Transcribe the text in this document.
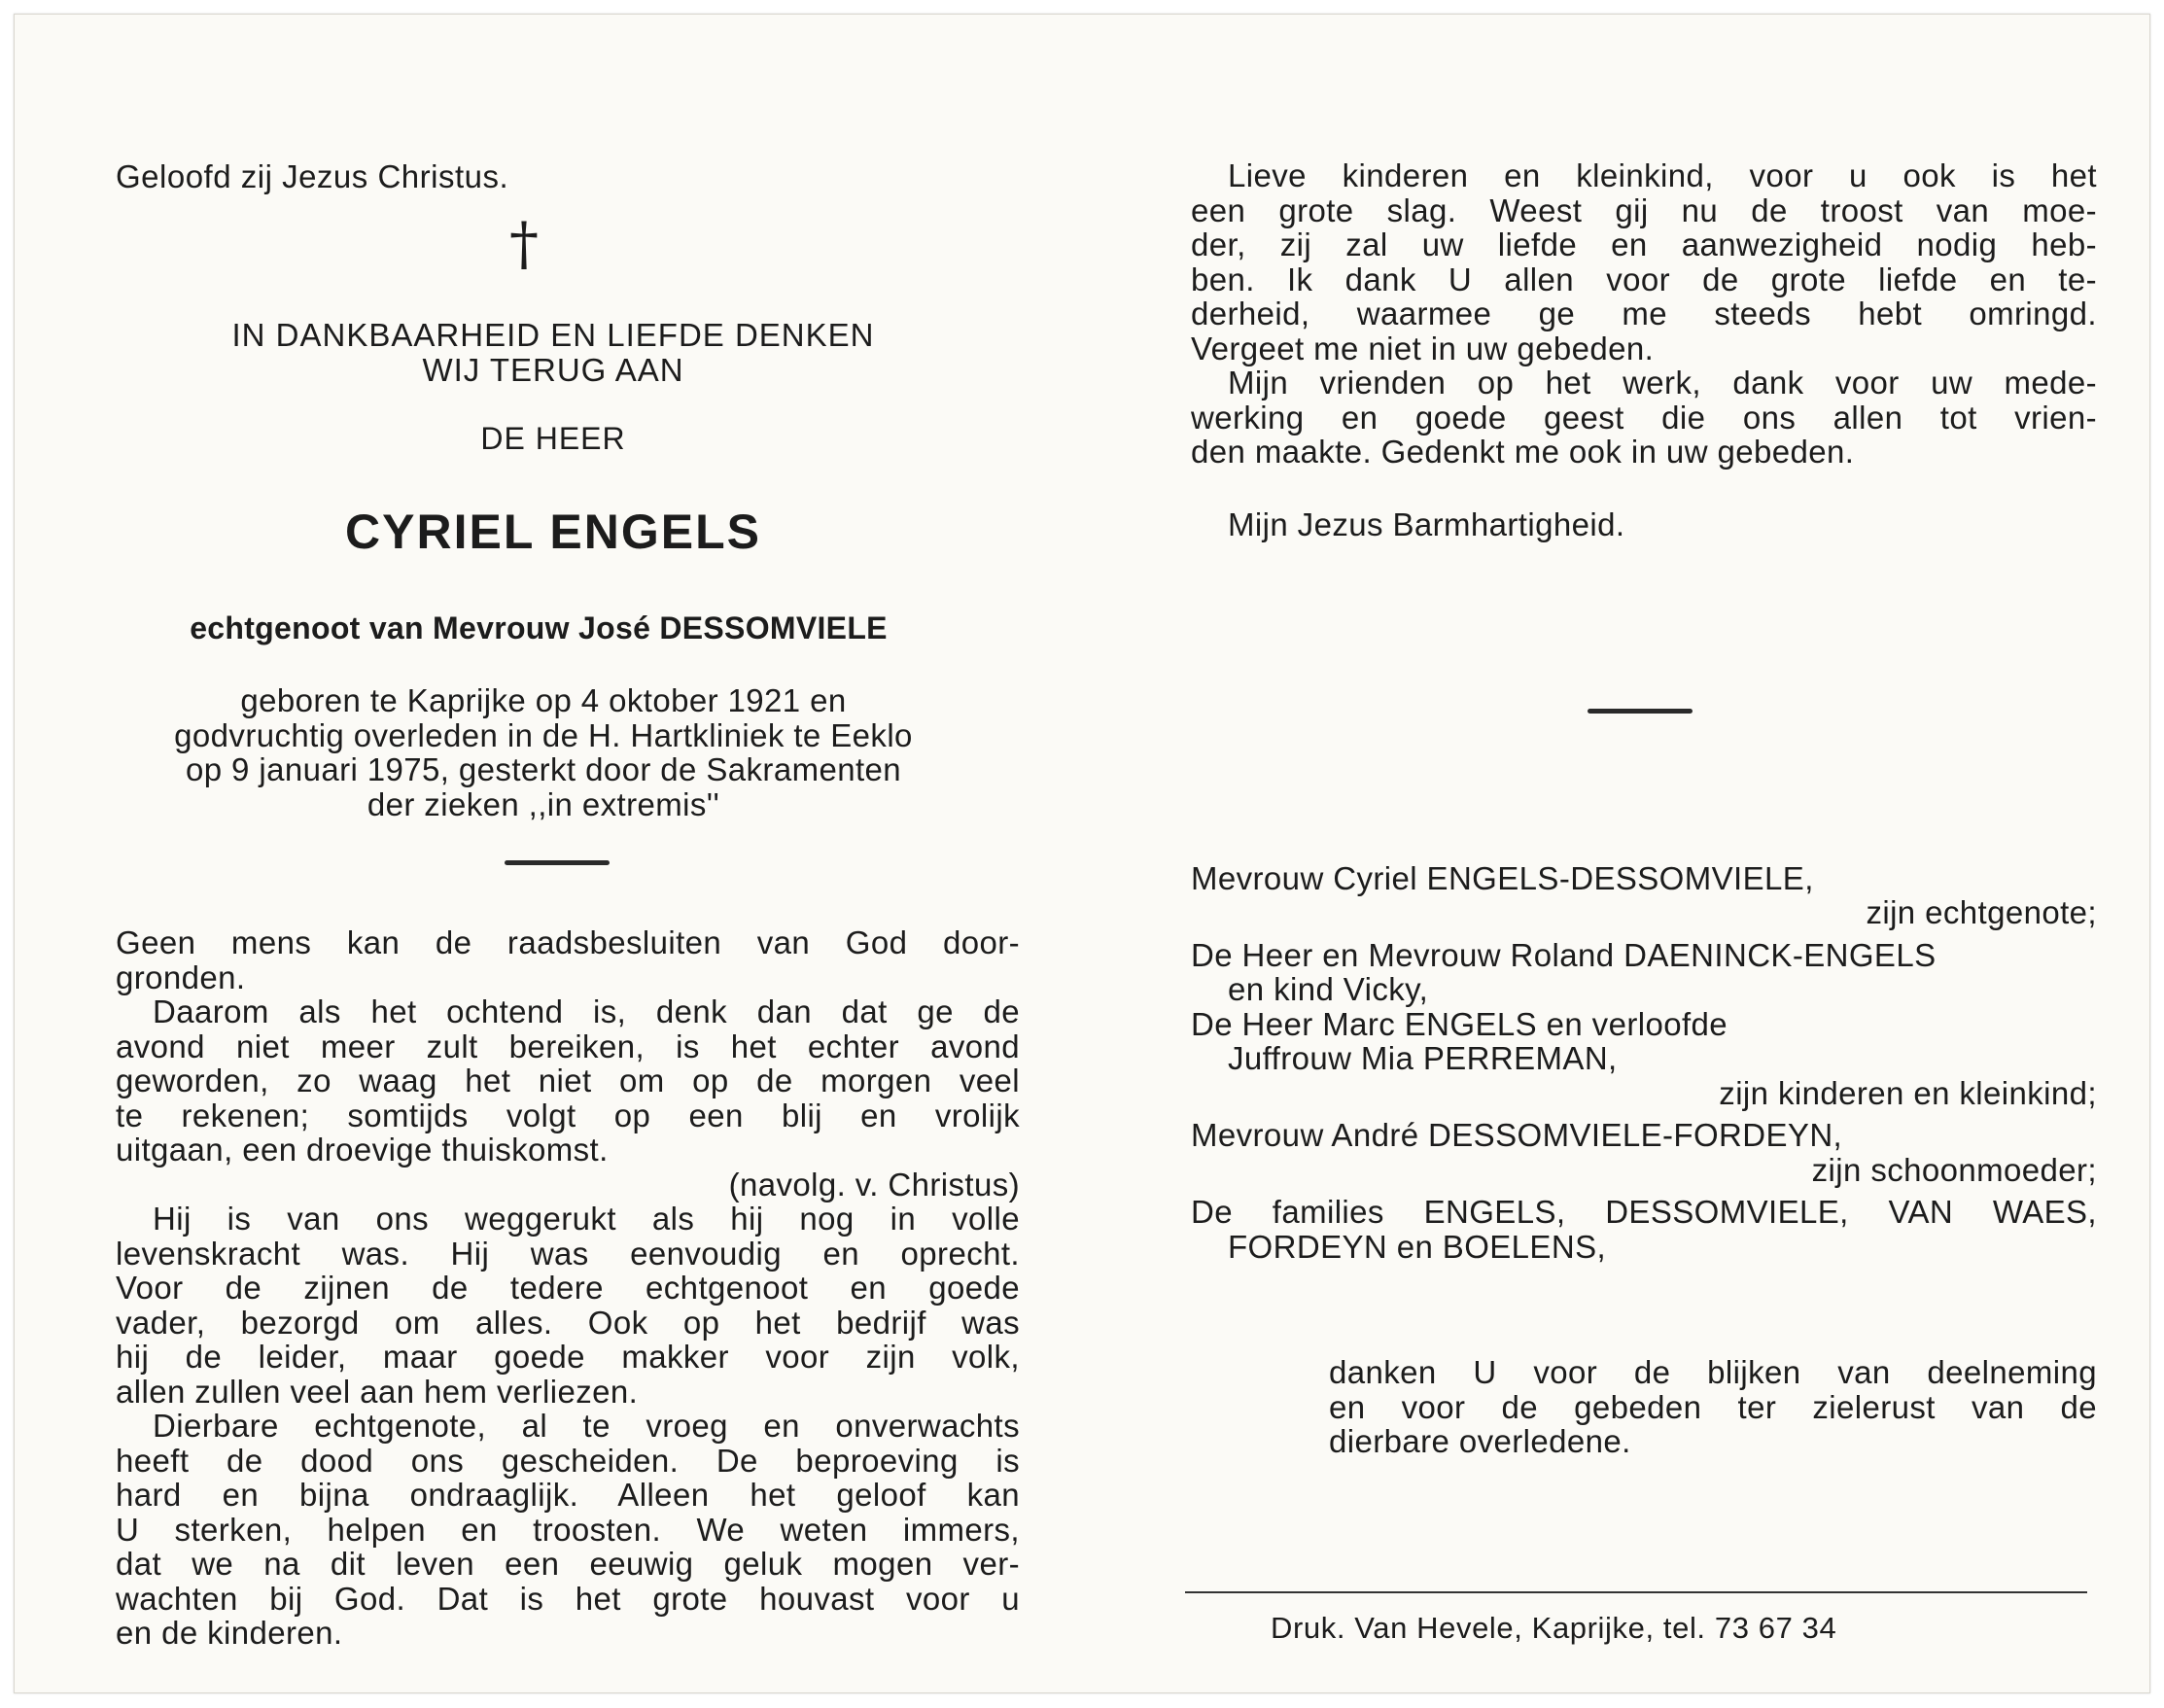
Geloofd zij Jezus Christus.
†
IN DANKBAARHEID EN LIEFDE DENKEN
WIJ TERUG AAN
DE HEER
CYRIEL ENGELS
echtgenoot van Mevrouw José DESSOMVIELE
geboren te Kaprijke op 4 oktober 1921 en
godvruchtig overleden in de H. Hartkliniek te Eeklo
op 9 januari 1975, gesterkt door de Sakramenten
der zieken ,,in extremis''
Geen mens kan de raadsbesluiten van God door-
gronden.
Daarom als het ochtend is, denk dan dat ge de
avond niet meer zult bereiken, is het echter avond
geworden, zo waag het niet om op de morgen veel
te rekenen; somtijds volgt op een blij en vrolijk
uitgaan, een droevige thuiskomst.
(navolg. v. Christus)
Hij is van ons weggerukt als hij nog in volle
levenskracht was. Hij was eenvoudig en oprecht.
Voor de zijnen de tedere echtgenoot en goede
vader, bezorgd om alles. Ook op het bedrijf was
hij de leider, maar goede makker voor zijn volk,
allen zullen veel aan hem verliezen.
Dierbare echtgenote, al te vroeg en onverwachts
heeft de dood ons gescheiden. De beproeving is
hard en bijna ondraaglijk. Alleen het geloof kan
U sterken, helpen en troosten. We weten immers,
dat we na dit leven een eeuwig geluk mogen ver-
wachten bij God. Dat is het grote houvast voor u
en de kinderen.
Lieve kinderen en kleinkind, voor u ook is het
een grote slag. Weest gij nu de troost van moe-
der, zij zal uw liefde en aanwezigheid nodig heb-
ben. Ik dank U allen voor de grote liefde en te-
derheid, waarmee ge me steeds hebt omringd.
Vergeet me niet in uw gebeden.
Mijn vrienden op het werk, dank voor uw mede-
werking en goede geest die ons allen tot vrien-
den maakte. Gedenkt me ook in uw gebeden.
Mijn Jezus Barmhartigheid.
Mevrouw Cyriel ENGELS-DESSOMVIELE,
zijn echtgenote;
De Heer en Mevrouw Roland DAENINCK-ENGELS
en kind Vicky,
De Heer Marc ENGELS en verloofde
Juffrouw Mia PERREMAN,
zijn kinderen en kleinkind;
Mevrouw André DESSOMVIELE-FORDEYN,
zijn schoonmoeder;
De families ENGELS, DESSOMVIELE, VAN WAES,
FORDEYN en BOELENS,
danken U voor de blijken van deelneming
en voor de gebeden ter zielerust van de
dierbare overledene.
Druk. Van Hevele, Kaprijke, tel. 73 67 34
